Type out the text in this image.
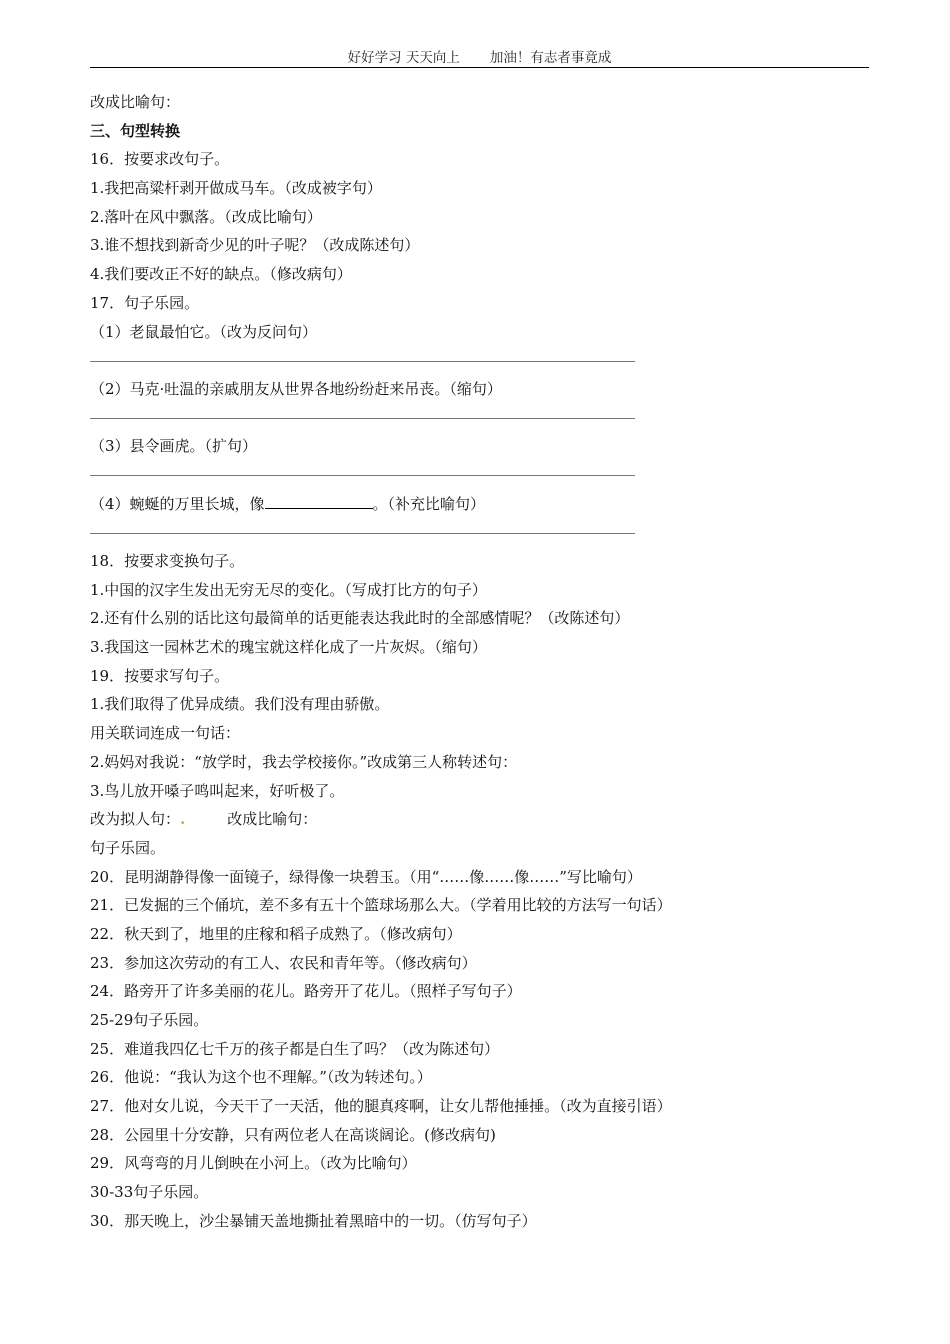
好好学习 天天向上 加油！有志者事竟成
改成比喻句：
三、句型转换
16．按要求改句子。
1.我把高粱杆剥开做成马车。（改成被字句）
2.落叶在风中飘落。（改成比喻句）
3.谁不想找到新奇少见的叶子呢？（改成陈述句）
4.我们要改正不好的缺点。（修改病句）
17．句子乐园。
（1）老鼠最怕它。（改为反问句）
（2）马克·吐温的亲戚朋友从世界各地纷纷赶来吊丧。（缩句）
（3）县令画虎。（扩句）
（4）蜿蜒的万里长城，像	。（补充比喻句）
18．按要求变换句子。
1.中国的汉字生发出无穷无尽的变化。（写成打比方的句子）
2.还有什么别的话比这句最简单的话更能表达我此时的全部感情呢？（改陈述句）
3.我国这一园林艺术的瑰宝就这样化成了一片灰烬。（缩句）
19．按要求写句子。
1.我们取得了优异成绩。我们没有理由骄傲。
用关联词连成一句话：
2.妈妈对我说：“放学时，我去学校接你。”改成第三人称转述句：
3.鸟儿放开嗓子鸣叫起来，好听极了。
改为拟人句：.	改成比喻句：
句子乐园。
20．昆明湖静得像一面镜子，绿得像一块碧玉。（用“……像……像……”写比喻句）
21．已发掘的三个俑坑，差不多有五十个篮球场那么大。（学着用比较的方法写一句话）
22．秋天到了，地里的庄稼和稻子成熟了。（修改病句）
23．参加这次劳动的有工人、农民和青年等。（修改病句）
24．路旁开了许多美丽的花儿。路旁开了花儿。（照样子写句子）
25-29句子乐园。
25．难道我四亿七千万的孩子都是白生了吗？（改为陈述句）
26．他说：“我认为这个也不理解。”（改为转述句。）
27．他对女儿说，今天干了一天活，他的腿真疼啊，让女儿帮他捶捶。（改为直接引语）
28．公园里十分安静，只有两位老人在高谈阔论。(修改病句)
29．风弯弯的月儿倒映在小河上。（改为比喻句）
30-33句子乐园。
30．那天晚上，沙尘暴铺天盖地撕扯着黑暗中的一切。（仿写句子）
